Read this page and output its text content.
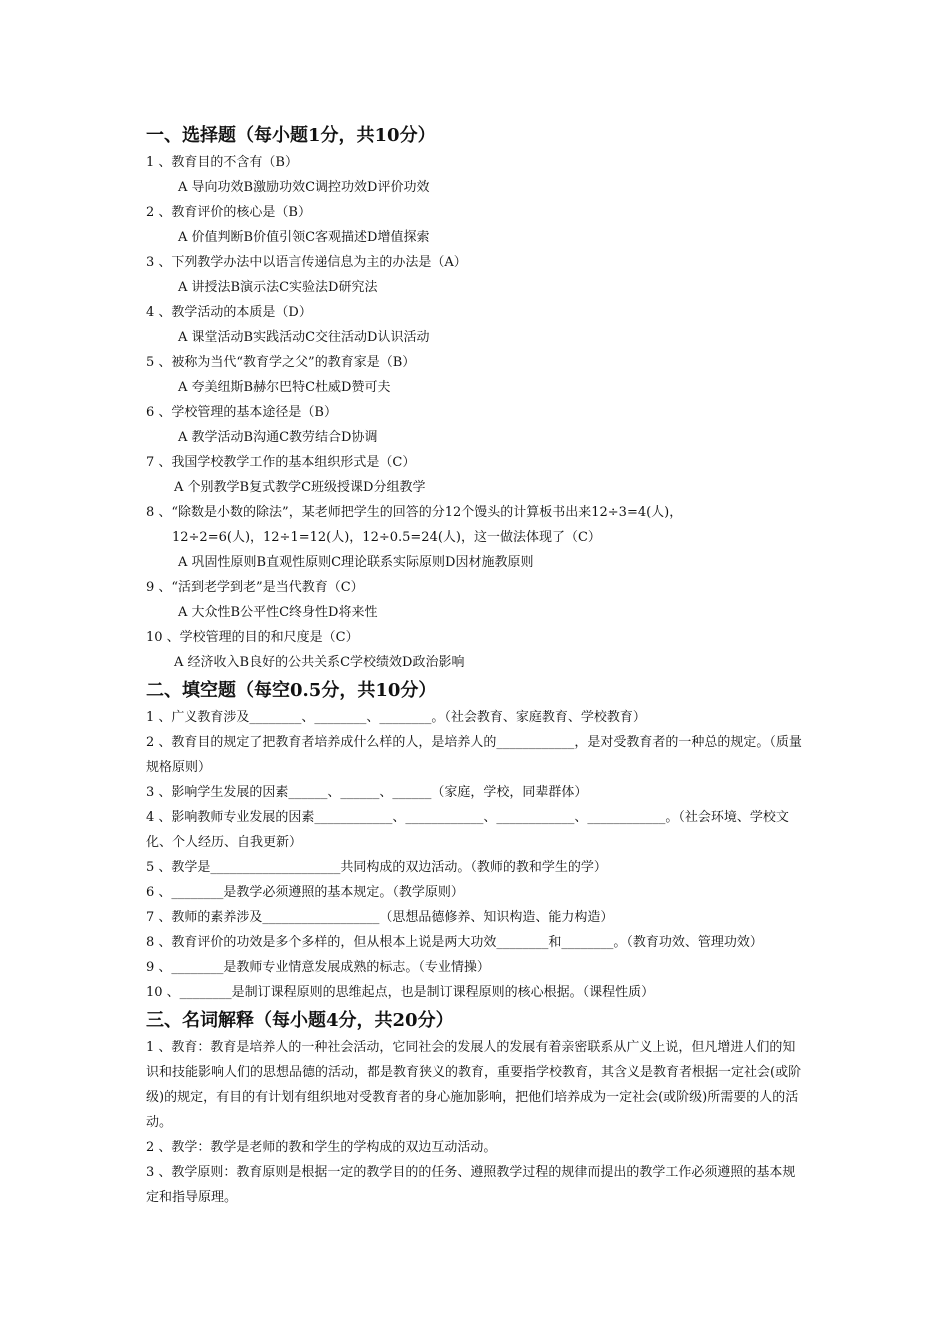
一、选择题（每小题1分，共10分）
1 、教育目的不含有（B）
A 导向功效B激励功效C调控功效D评价功效
2 、教育评价的核心是（B）
A 价值判断B价值引领C客观描述D增值探索
3 、下列教学办法中以语言传递信息为主的办法是（A）
A 讲授法B演示法C实验法D研究法
4 、教学活动的本质是（D）
A 课堂活动B实践活动C交往活动D认识活动
5 、被称为当代“教育学之父”的教育家是（B）
A 夸美纽斯B赫尔巴特C杜威D赞可夫
6 、学校管理的基本途径是（B）
A 教学活动B沟通C教劳结合D协调
7 、我国学校教学工作的基本组织形式是（C）
A 个别教学B复式教学C班级授课D分组教学
8 、“除数是小数的除法”，某老师把学生的回答的分12个馒头的计算板书出来12÷3=4(人)，
12÷2=6(人)，12÷1=12(人)，12÷0.5=24(人)，这一做法体现了（C）
A 巩固性原则B直观性原则C理论联系实际原则D因材施教原则
9 、“活到老学到老”是当代教育（C）
A 大众性B公平性C终身性D将来性
10 、学校管理的目的和尺度是（C）
A 经济收入B良好的公共关系C学校绩效D政治影响
二、填空题（每空0.5分，共10分）
1 、广义教育涉及________、________、________。（社会教育、家庭教育、学校教育）
2 、教育目的规定了把教育者培养成什么样的人，是培养人的____________，是对受教育者的一种总的规定。（质量规格原则）
3 、影响学生发展的因素______、______、______（家庭，学校，同辈群体）
4 、影响教师专业发展的因素____________、____________、____________、____________。（社会环境、学校文化、个人经历、自我更新）
5 、教学是____________________共同构成的双边活动。（教师的教和学生的学）
6 、________是教学必须遵照的基本规定。（教学原则）
7 、教师的素养涉及__________________（思想品德修养、知识构造、能力构造）
8 、教育评价的功效是多个多样的，但从根本上说是两大功效________和________。（教育功效、管理功效）
9 、________是教师专业情意发展成熟的标志。（专业情操）
10 、________是制订课程原则的思维起点，也是制订课程原则的核心根据。（课程性质）
三、名词解释（每小题4分，共20分）
1 、教育：教育是培养人的一种社会活动，它同社会的发展人的发展有着亲密联系从广义上说，但凡增进人们的知识和技能影响人们的思想品德的活动，都是教育狭义的教育，重要指学校教育，其含义是教育者根据一定社会(或阶级)的规定，有目的有计划有组织地对受教育者的身心施加影响，把他们培养成为一定社会(或阶级)所需要的人的活动。
2 、教学：教学是老师的教和学生的学构成的双边互动活动。
3 、教学原则：教育原则是根据一定的教学目的的任务、遵照教学过程的规律而提出的教学工作必须遵照的基本规定和指导原理。
